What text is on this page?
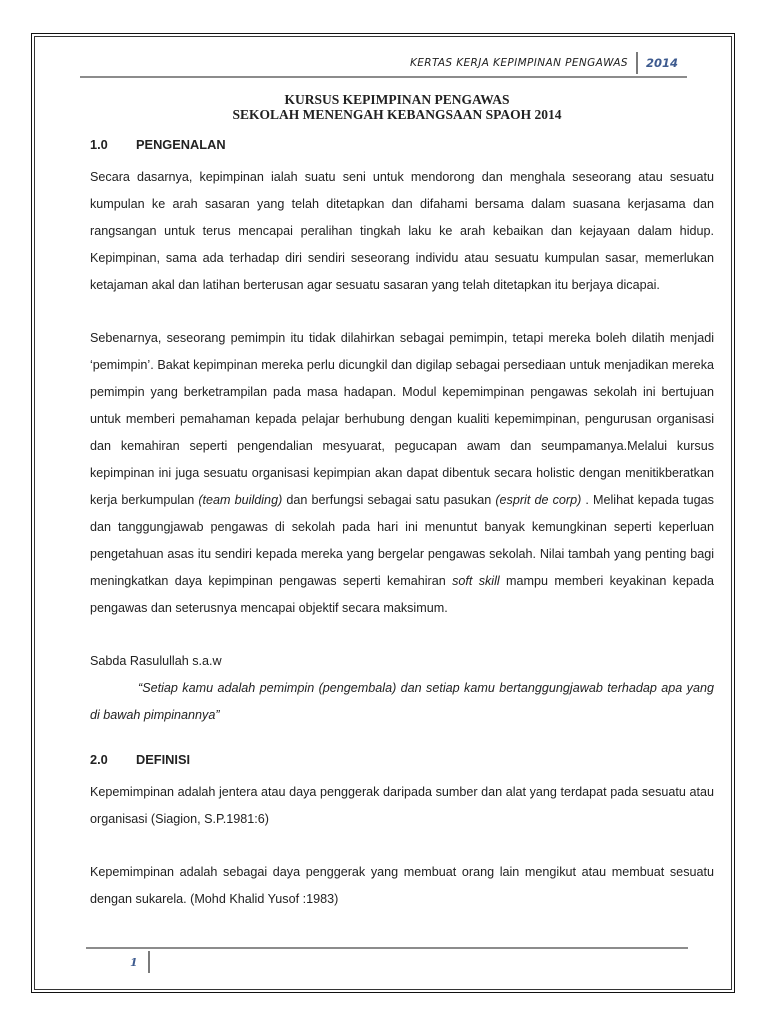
KERTAS KERJA KEPIMPINAN PENGAWAS	2014
KURSUS KEPIMPINAN PENGAWAS
SEKOLAH MENENGAH KEBANGSAAN SPAOH 2014
1.0	PENGENALAN

Secara dasarnya, kepimpinan ialah suatu seni untuk mendorong dan menghala seseorang atau sesuatu kumpulan ke arah sasaran yang telah ditetapkan dan difahami bersama dalam suasana kerjasama dan rangsangan untuk terus mencapai peralihan tingkah laku ke arah kebaikan dan kejayaan dalam hidup. Kepimpinan, sama ada terhadap diri sendiri seseorang individu atau sesuatu kumpulan sasar, memerlukan ketajaman akal dan latihan berterusan agar sesuatu sasaran yang telah ditetapkan itu berjaya dicapai.

Sebenarnya, seseorang pemimpin itu tidak dilahirkan sebagai pemimpin, tetapi mereka boleh dilatih menjadi ‘pemimpin’. Bakat kepimpinan mereka perlu dicungkil dan digilap sebagai persediaan untuk menjadikan mereka pemimpin yang berketrampilan pada masa hadapan. Modul kepemimpinan pengawas sekolah ini bertujuan untuk memberi pemahaman kepada pelajar berhubung dengan kualiti kepemimpinan, pengurusan organisasi dan kemahiran seperti pengendalian mesyuarat, pegucapan awam dan seumpamanya.Melalui kursus kepimpinan ini juga sesuatu organisasi kepimpian akan dapat dibentuk secara holistic dengan menitikberatkan kerja berkumpulan (team building) dan berfungsi sebagai satu pasukan (esprit de corp) . Melihat kepada tugas dan tanggungjawab pengawas di sekolah pada hari ini menuntut banyak kemungkinan seperti keperluan pengetahuan asas itu sendiri kepada mereka yang bergelar pengawas sekolah. Nilai tambah yang penting bagi meningkatkan daya kepimpinan pengawas seperti kemahiran soft skill mampu memberi keyakinan kepada pengawas dan seterusnya mencapai objektif secara maksimum.

Sabda Rasulullah s.a.w

“Setiap kamu adalah pemimpin (pengembala) dan setiap kamu bertanggungjawab terhadap apa yang di bawah pimpinannya”

2.0	DEFINISI

Kepemimpinan adalah jentera atau daya penggerak daripada sumber dan alat yang terdapat pada sesuatu atau organisasi (Siagion, S.P.1981:6)

Kepemimpinan adalah sebagai daya penggerak yang membuat orang lain mengikut atau membuat sesuatu dengan sukarela. (Mohd Khalid Yusof :1983)

1
